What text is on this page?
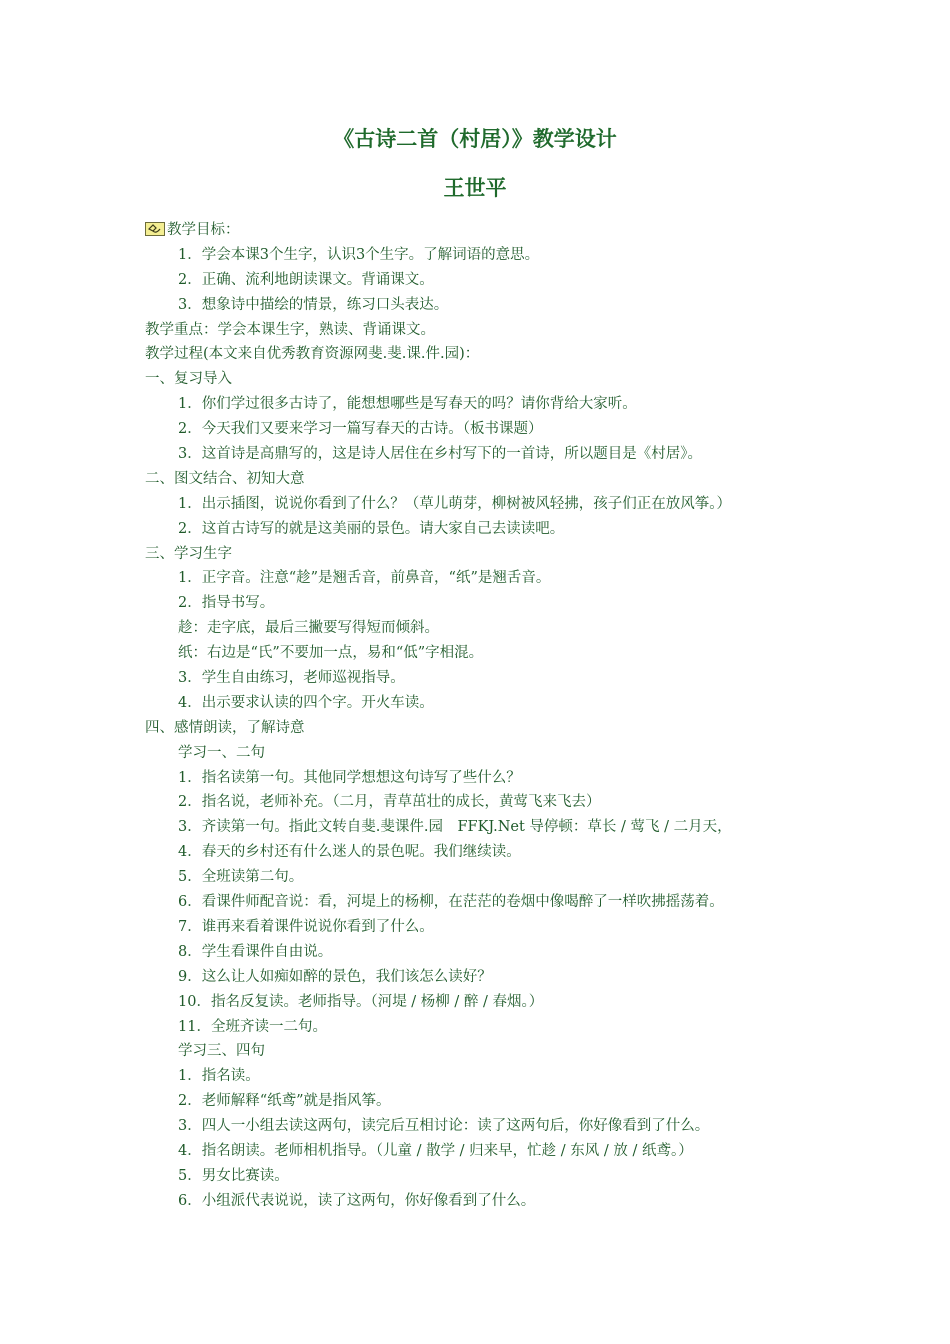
《古诗二首（村居）》教学设计
王世平
教学目标：
1．学会本课3个生字，认识3个生字。了解词语的意思。
2．正确、流利地朗读课文。背诵课文。
3．想象诗中描绘的情景，练习口头表达。
教学重点：学会本课生字，熟读、背诵课文。
教学过程(本文来自优秀教育资源网斐.斐.课.件.园)：
一、复习导入
1．你们学过很多古诗了，能想想哪些是写春天的吗？请你背给大家听。
2．今天我们又要来学习一篇写春天的古诗。（板书课题）
3．这首诗是高鼎写的，这是诗人居住在乡村写下的一首诗，所以题目是《村居》。
二、图文结合、初知大意
1．出示插图，说说你看到了什么？（草儿萌芽，柳树被风轻拂，孩子们正在放风筝。）
2．这首古诗写的就是这美丽的景色。请大家自己去读读吧。
三、学习生字
1．正字音。注意“趁”是翘舌音，前鼻音，“纸”是翘舌音。
2．指导书写。
趁：走字底，最后三撇要写得短而倾斜。
纸：右边是“氏”不要加一点，易和“低”字相混。
3．学生自由练习，老师巡视指导。
4．出示要求认读的四个字。开火车读。
四、感情朗读，了解诗意
学习一、二句
1．指名读第一句。其他同学想想这句诗写了些什么？
2．指名说，老师补充。（二月，青草茁壮的成长，黄莺飞来飞去）
3．齐读第一句。指此文转自斐.斐课件.园　FFKJ.Net 导停顿：草长 / 莺飞 / 二月天，
4．春天的乡村还有什么迷人的景色呢。我们继续读。
5．全班读第二句。
6．看课件师配音说：看，河堤上的杨柳，在茫茫的卷烟中像喝醉了一样吹拂摇荡着。
7．谁再来看着课件说说你看到了什么。
8．学生看课件自由说。
9．这么让人如痴如醉的景色，我们该怎么读好？
10．指名反复读。老师指导。（河堤 / 杨柳 / 醉 / 春烟。）
11．全班齐读一二句。
学习三、四句
1．指名读。
2．老师解释“纸鸢”就是指风筝。
3．四人一小组去读这两句，读完后互相讨论：读了这两句后，你好像看到了什么。
4．指名朗读。老师相机指导。（儿童 / 散学 / 归来早，忙趁 / 东风 / 放 / 纸鸢。）
5．男女比赛读。
6．小组派代表说说，读了这两句，你好像看到了什么。
